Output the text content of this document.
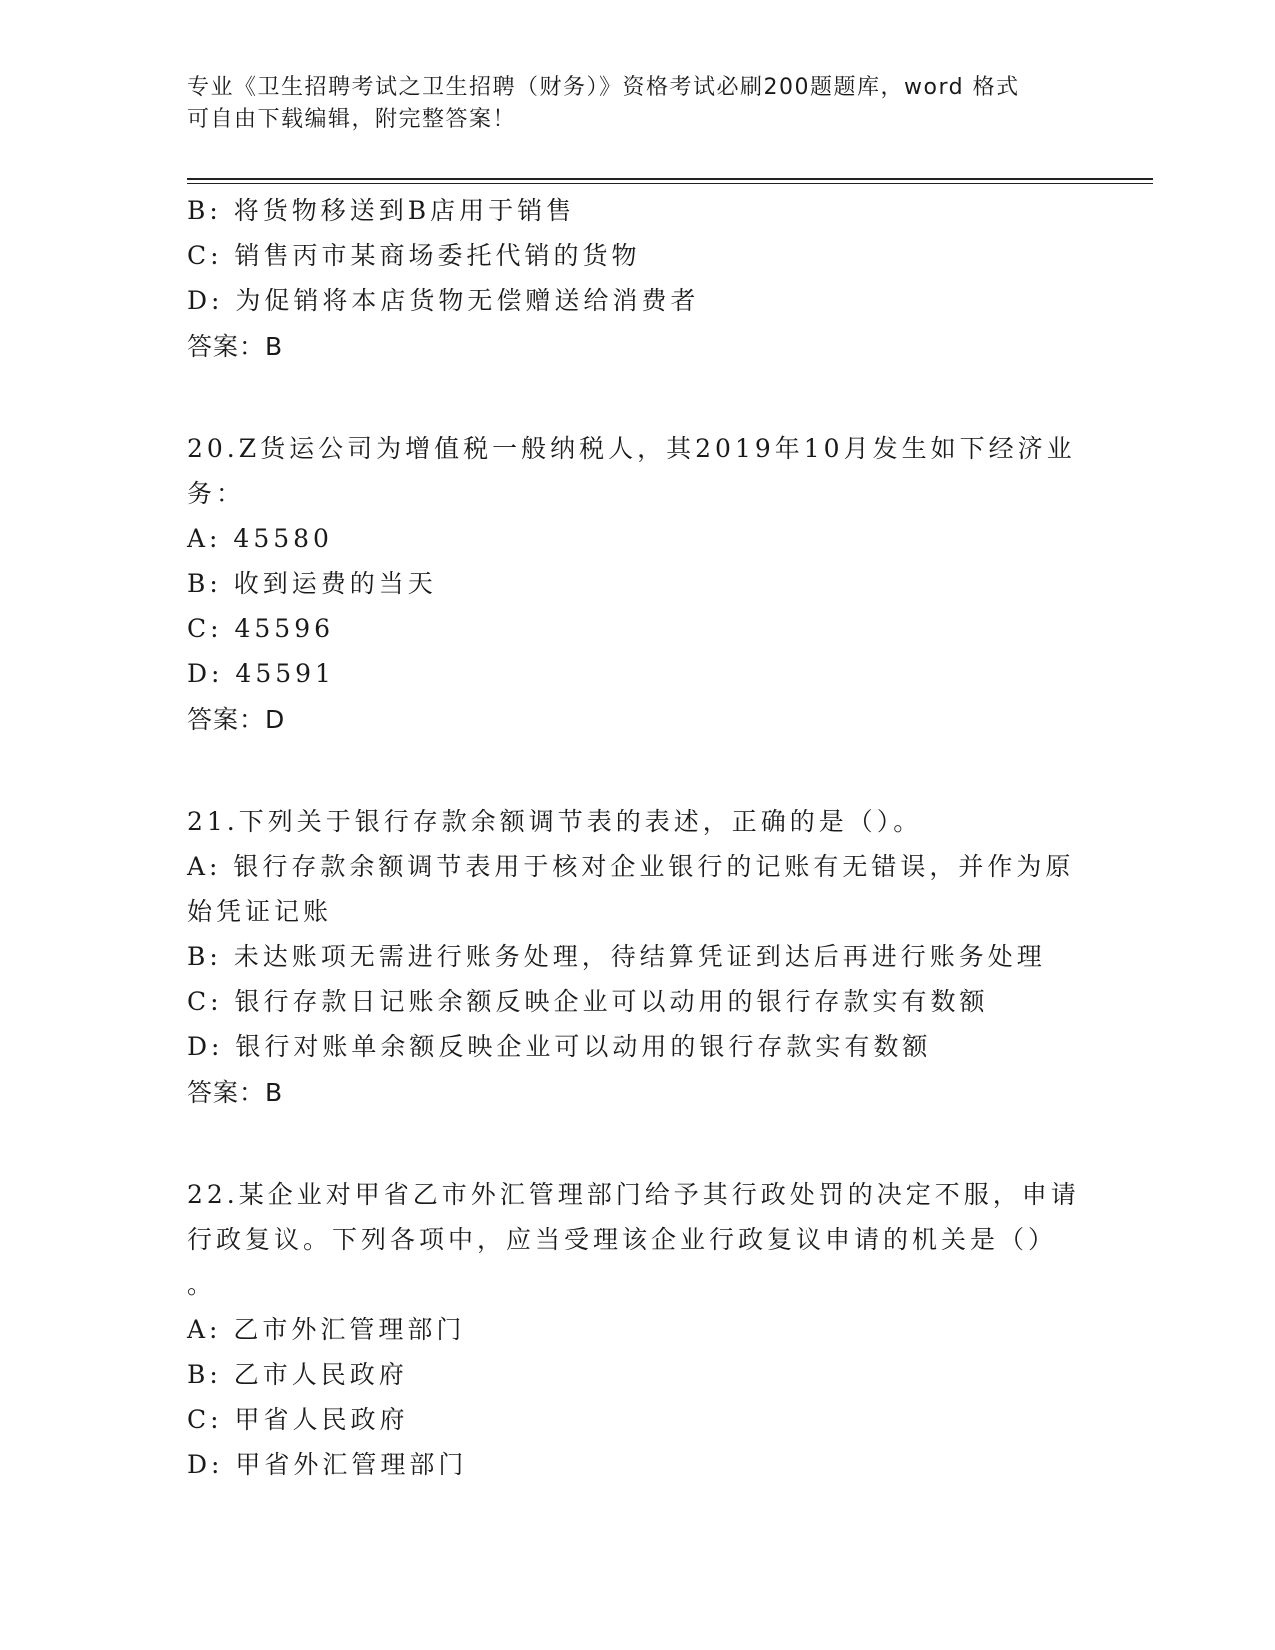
专业《卫生招聘考试之卫生招聘（财务）》资格考试必刷200题题库，word 格式
可自由下载编辑，附完整答案！
B: 将货物移送到B店用于销售
C: 销售丙市某商场委托代销的货物
D: 为促销将本店货物无偿赠送给消费者
答案：B
20.Z货运公司为增值税一般纳税人，其2019年10月发生如下经济业
务：
A: 45580
B: 收到运费的当天
C: 45596
D: 45591
答案：D
21.下列关于银行存款余额调节表的表述，正确的是（）。
A: 银行存款余额调节表用于核对企业银行的记账有无错误，并作为原
始凭证记账
B: 未达账项无需进行账务处理，待结算凭证到达后再进行账务处理
C: 银行存款日记账余额反映企业可以动用的银行存款实有数额
D: 银行对账单余额反映企业可以动用的银行存款实有数额
答案：B
22.某企业对甲省乙市外汇管理部门给予其行政处罚的决定不服，申请
行政复议。下列各项中，应当受理该企业行政复议申请的机关是（）
。
A: 乙市外汇管理部门
B: 乙市人民政府
C: 甲省人民政府
D: 甲省外汇管理部门
